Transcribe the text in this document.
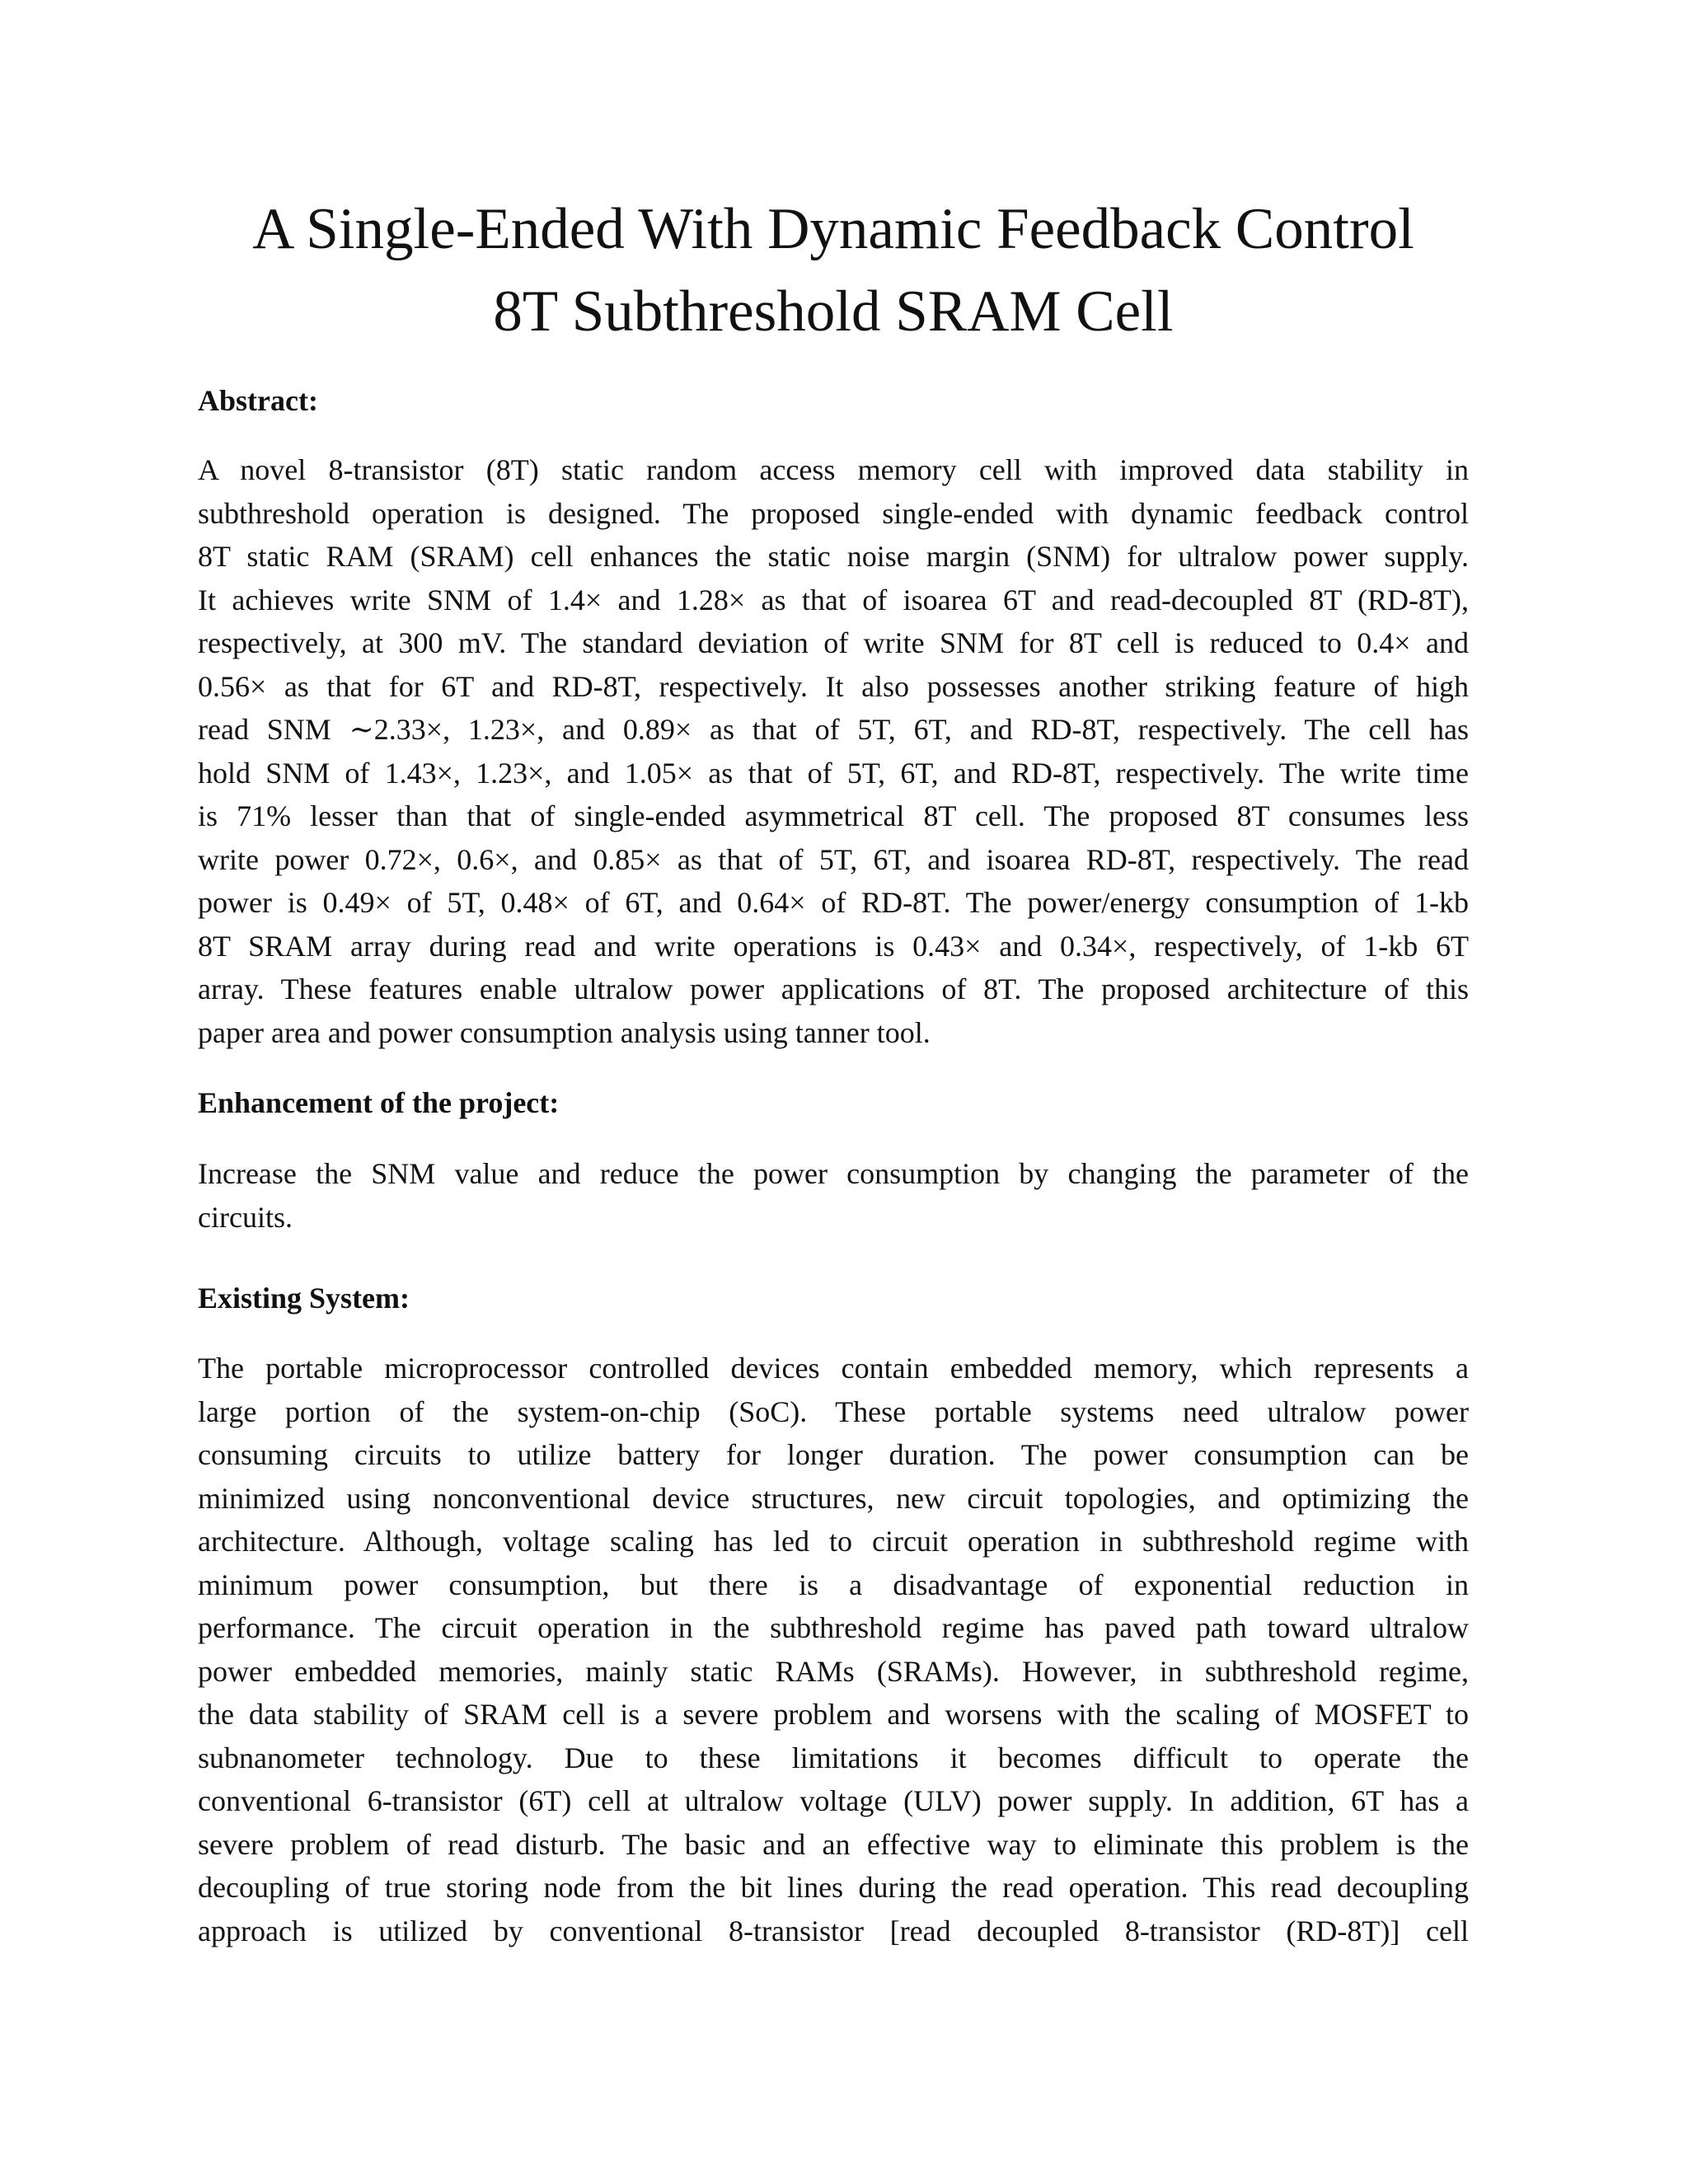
A Single-Ended With Dynamic Feedback Control
8T Subthreshold SRAM Cell
Abstract:
A novel 8-transistor (8T) static random access memory cell with improved data stability in
subthreshold operation is designed. The proposed single-ended with dynamic feedback control
8T static RAM (SRAM) cell enhances the static noise margin (SNM) for ultralow power supply.
It achieves write SNM of 1.4× and 1.28× as that of isoarea 6T and read-decoupled 8T (RD-8T),
respectively, at 300 mV. The standard deviation of write SNM for 8T cell is reduced to 0.4× and
0.56× as that for 6T and RD-8T, respectively. It also possesses another striking feature of high
read SNM ∼2.33×, 1.23×, and 0.89× as that of 5T, 6T, and RD-8T, respectively. The cell has
hold SNM of 1.43×, 1.23×, and 1.05× as that of 5T, 6T, and RD-8T, respectively. The write time
is 71% lesser than that of single-ended asymmetrical 8T cell. The proposed 8T consumes less
write power 0.72×, 0.6×, and 0.85× as that of 5T, 6T, and isoarea RD-8T, respectively. The read
power is 0.49× of 5T, 0.48× of 6T, and 0.64× of RD-8T. The power/energy consumption of 1-kb
8T SRAM array during read and write operations is 0.43× and 0.34×, respectively, of 1-kb 6T
array. These features enable ultralow power applications of 8T. The proposed architecture of this
paper area and power consumption analysis using tanner tool.
Enhancement of the project:
Increase the SNM value and reduce the power consumption by changing the parameter of the
circuits.
Existing System:
The portable microprocessor controlled devices contain embedded memory, which represents a
large portion of the system-on-chip (SoC). These portable systems need ultralow power
consuming circuits to utilize battery for longer duration. The power consumption can be
minimized using nonconventional device structures, new circuit topologies, and optimizing the
architecture. Although, voltage scaling has led to circuit operation in subthreshold regime with
minimum power consumption, but there is a disadvantage of exponential reduction in
performance. The circuit operation in the subthreshold regime has paved path toward ultralow
power embedded memories, mainly static RAMs (SRAMs). However, in subthreshold regime,
the data stability of SRAM cell is a severe problem and worsens with the scaling of MOSFET to
subnanometer technology. Due to these limitations it becomes difficult to operate the
conventional 6-transistor (6T) cell at ultralow voltage (ULV) power supply. In addition, 6T has a
severe problem of read disturb. The basic and an effective way to eliminate this problem is the
decoupling of true storing node from the bit lines during the read operation. This read decoupling
approach is utilized by conventional 8-transistor [read decoupled 8-transistor (RD-8T)] cell
